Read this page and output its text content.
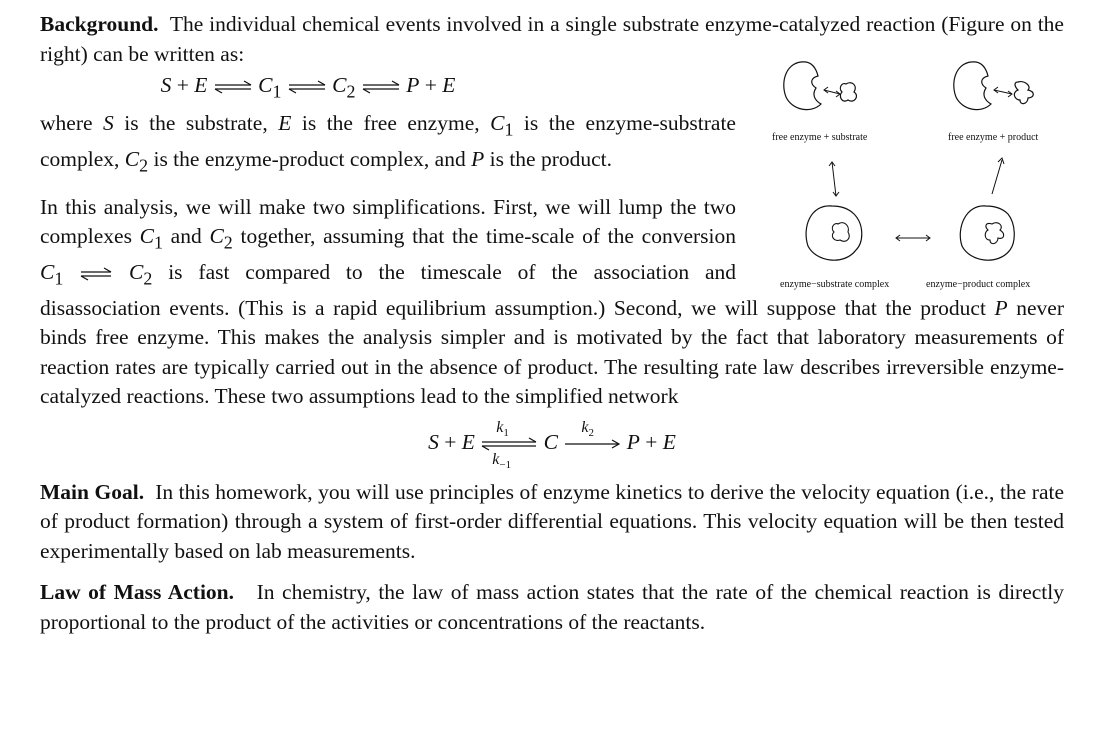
Background. The individual chemical events involved in a single substrate enzyme-catalyzed reaction (Figure on the right) can be written as:

S + E ⇌ $C_1$ ⇌ $C_2$ ⇌ P + E

where S is the substrate, E is the free enzyme, $C_1$ is the enzyme-substrate complex, $C_2$ is the enzyme-product complex, and P is the product.

In this analysis, we will make two simplifications. First, we will lump the two complexes $C_1$ and $C_2$ together, assuming that the time-scale of the conversion $C_1$ ⇌ $C_2$ is fast compared to the timescale of the association and disassociation events. (This is a rapid equilibrium assumption.) Second, we will suppose that the product P never binds free enzyme. This makes the analysis simpler and is motivated by the fact that laboratory measurements of reaction rates are typically carried out in the absence of product. The resulting rate law describes irreversible enzyme-catalyzed reactions. These two assumptions lead to the simplified network

S + E
$k_1$
$k_{-1}$
C
$k_2$ P + E

Main Goal. In this homework, you will use principles of enzyme kinetics to derive the velocity equation (i.e., the rate of product formation) through a system of first-order differential equations. This velocity equation will be then tested experimentally based on lab measurements.

Law of Mass Action. In chemistry, the law of mass action states that the rate of the chemical reaction is directly proportional to the product of the activities or concentrations of the reactants.

free enzyme + substrate	free enzyme + product
enzyme−substrate complex	enzyme−product complex
